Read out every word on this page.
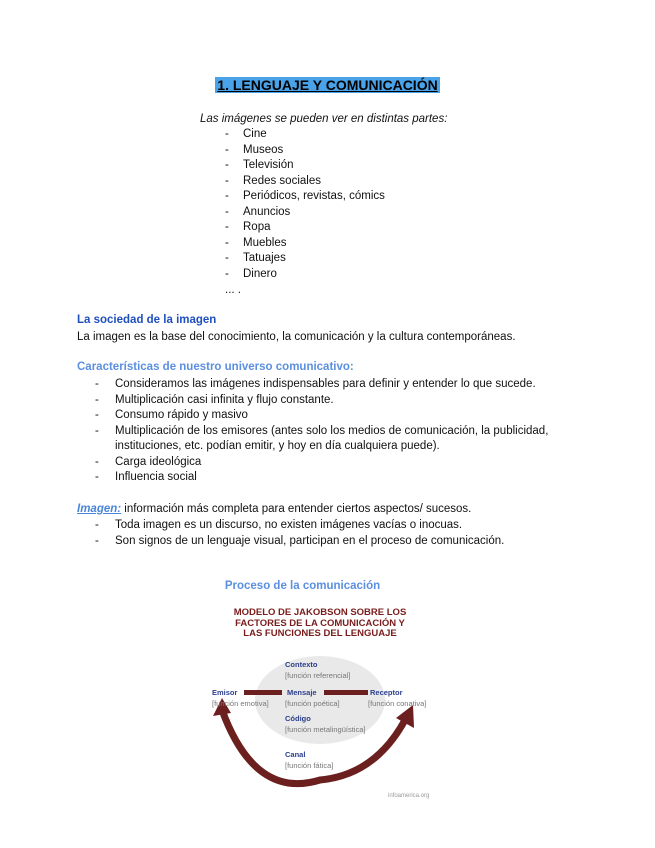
1. LENGUAJE Y COMUNICACIÓN
Las imágenes se pueden ver en distintas partes:
- Cine
- Museos
- Televisión
- Redes sociales
- Periódicos, revistas, cómics
- Anuncios
- Ropa
- Muebles
- Tatuajes
- Dinero
... .
La sociedad de la imagen
La imagen es la base del conocimiento, la comunicación y la cultura contemporáneas.
Características de nuestro universo comunicativo:
- Consideramos las imágenes indispensables para definir y entender lo que sucede.
- Multiplicación casi infinita y flujo constante.
- Consumo rápido y masivo
- Multiplicación de los emisores (antes solo los medios de comunicación, la publicidad, instituciones, etc. podían emitir, y hoy en día cualquiera puede).
- Carga ideológica
- Influencia social
Imagen: información más completa para entender ciertos aspectos/ sucesos.
- Toda imagen es un discurso, no existen imágenes vacías o inocuas.
- Son signos de un lenguaje visual, participan en el proceso de comunicación.
Proceso de la comunicación
MODELO DE JAKOBSON SOBRE LOS
FACTORES DE LA COMUNICACIÓN Y
LAS FUNCIONES DEL LENGUAJE
Contexto
[función referencial]
Emisor
[función emotiva]
Mensaje
[función poética]
Receptor
[función conativa]
Código
[función metalingüística]
Canal
[función fática]
infoamerica.org
